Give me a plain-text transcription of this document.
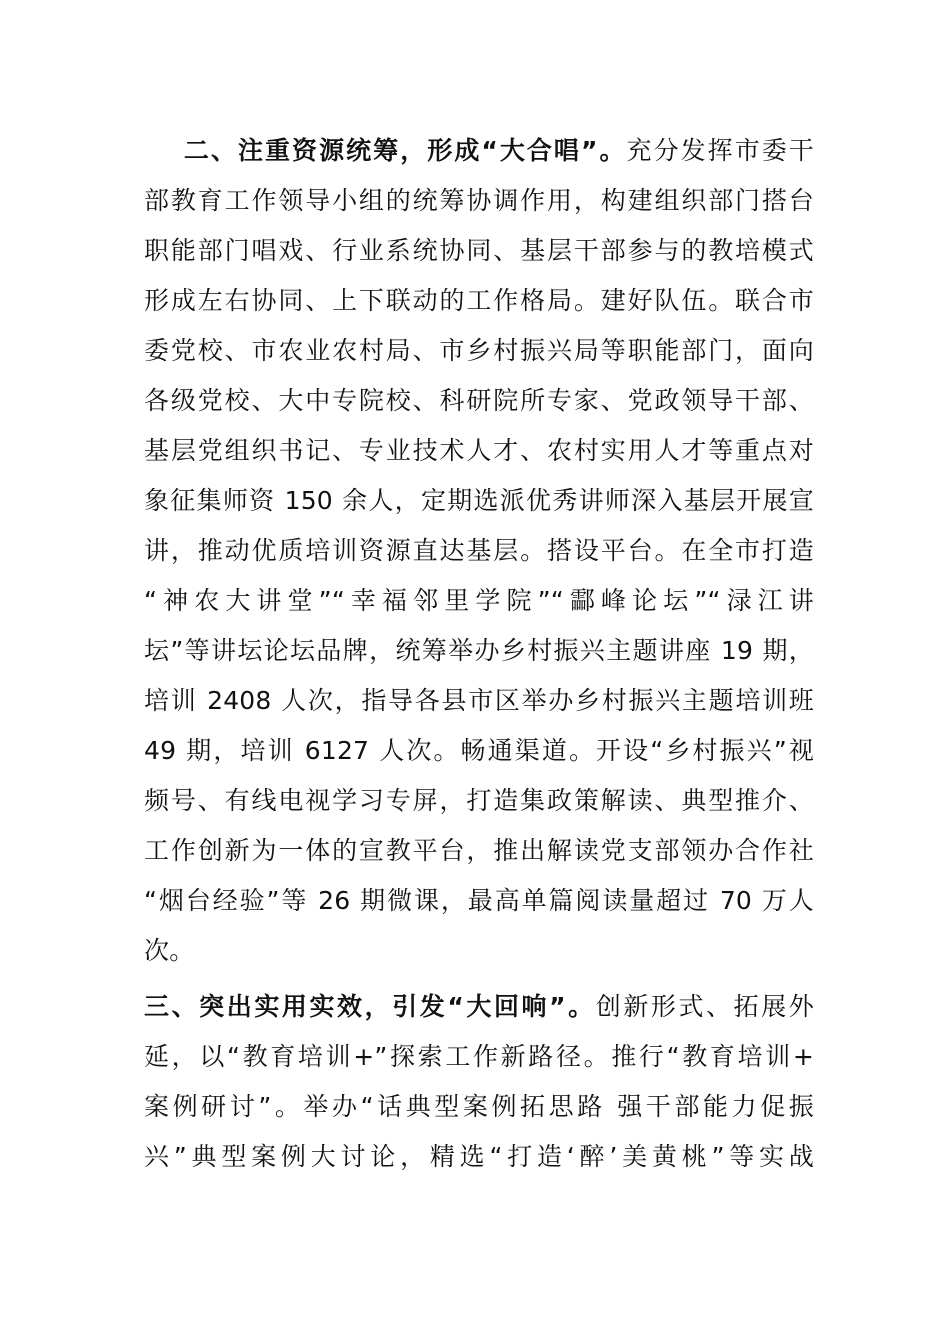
二、注重资源统筹，形成“大合唱”。充分发挥市委干
部教育工作领导小组的统筹协调作用，构建组织部门搭台
职能部门唱戏、行业系统协同、基层干部参与的教培模式
形成左右协同、上下联动的工作格局。建好队伍。联合市
委党校、市农业农村局、市乡村振兴局等职能部门，面向
各级党校、大中专院校、科研院所专家、党政领导干部、
基层党组织书记、专业技术人才、农村实用人才等重点对
象征集师资 150 余人，定期选派优秀讲师深入基层开展宣
讲，推动优质培训资源直达基层。搭设平台。在全市打造
“神农大讲堂”“幸福邻里学院”“酃峰论坛”“渌江讲
坛”等讲坛论坛品牌，统筹举办乡村振兴主题讲座 19 期，
培训 2408 人次，指导各县市区举办乡村振兴主题培训班
49 期，培训 6127 人次。畅通渠道。开设“乡村振兴”视
频号、有线电视学习专屏，打造集政策解读、典型推介、
工作创新为一体的宣教平台，推出解读党支部领办合作社
“烟台经验”等 26 期微课，最高单篇阅读量超过 70 万人
次。
三、突出实用实效，引发“大回响”。创新形式、拓展外
延，以“教育培训+”探索工作新路径。推行“教育培训+
案例研讨”。举办“话典型案例拓思路 强干部能力促振
兴”典型案例大讨论，精选“打造‘醉’美黄桃”等实战
